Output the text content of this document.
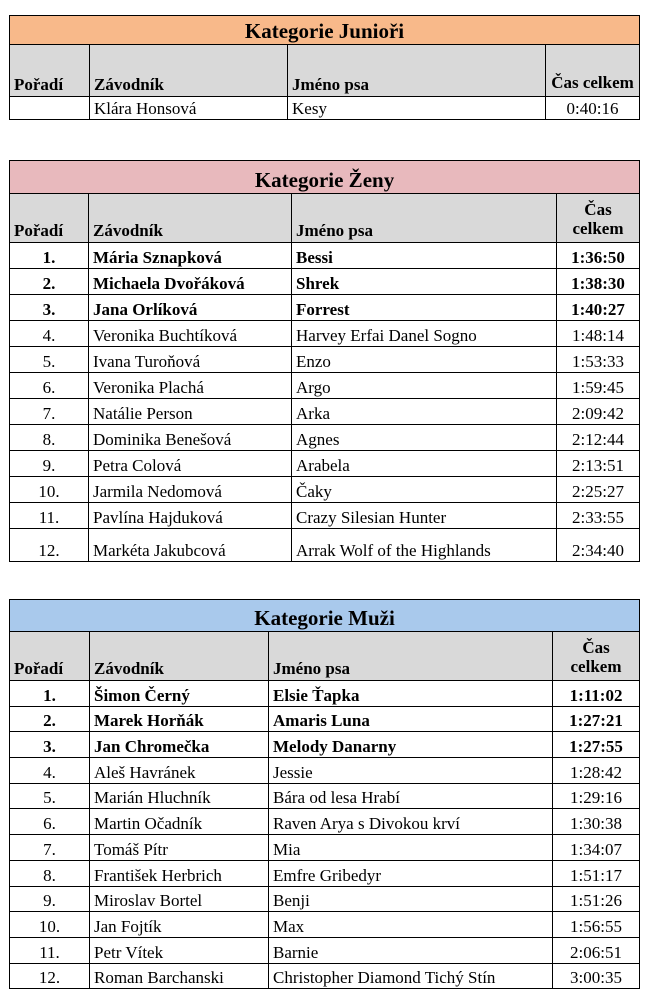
Kategorie Junioři			
Pořadí	Závodník	Jméno psa	Čas celkem
	Klára Honsová	Kesy	0:40:16
Kategorie Ženy			
Pořadí	Závodník	Jméno psa	Čas celkem
1.	Mária Sznapková	Bessi	1:36:50
2.	Michaela Dvořáková	Shrek	1:38:30
3.	Jana Orlíková	Forrest	1:40:27
4.	Veronika Buchtíková	Harvey Erfai Danel Sogno	1:48:14
5.	Ivana Turoňová	Enzo	1:53:33
6.	Veronika Plachá	Argo	1:59:45
7.	Natálie Person	Arka	2:09:42
8.	Dominika Benešová	Agnes	2:12:44
9.	Petra Colová	Arabela	2:13:51
10.	Jarmila Nedomová	Čaky	2:25:27
11.	Pavlína Hajduková	Crazy Silesian Hunter	2:33:55
12.	Markéta Jakubcová	Arrak Wolf of the Highlands	2:34:40
Kategorie Muži			
Pořadí	Závodník	Jméno psa	Čas celkem
1.	Šimon Černý	Elsie Ťapka	1:11:02
2.	Marek Horňák	Amaris Luna	1:27:21
3.	Jan Chromečka	Melody Danarny	1:27:55
4.	Aleš Havránek	Jessie	1:28:42
5.	Marián Hluchník	Bára od lesa Hrabí	1:29:16
6.	Martin Očadník	Raven Arya s Divokou krví	1:30:38
7.	Tomáš Pítr	Mia	1:34:07
8.	František Herbrich	Emfre Gribedyr	1:51:17
9.	Miroslav Bortel	Benji	1:51:26
10.	Jan Fojtík	Max	1:56:55
11.	Petr Vítek	Barnie	2:06:51
12.	Roman Barchanski	Christopher Diamond Tichý Stín	3:00:35
